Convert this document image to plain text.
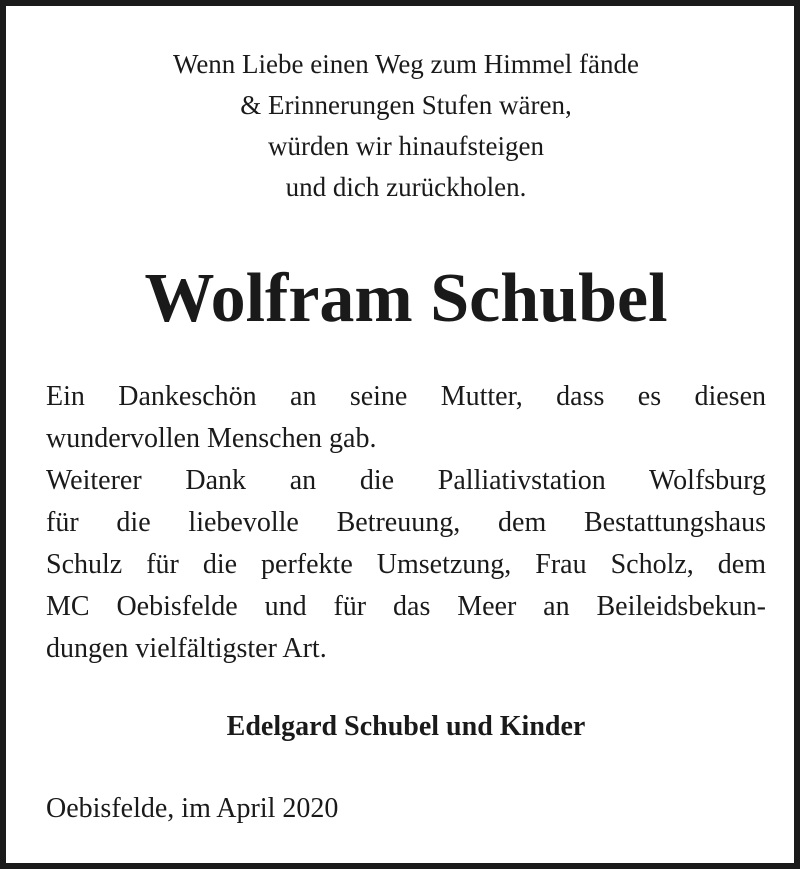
Wenn Liebe einen Weg zum Himmel fände
& Erinnerungen Stufen wären,
würden wir hinaufsteigen
und dich zurückholen.
Wolfram Schubel
Ein Dankeschön an seine Mutter, dass es diesen
wundervollen Menschen gab.
Weiterer Dank an die Palliativstation Wolfsburg
für die liebevolle Betreuung, dem Bestattungshaus
Schulz für die perfekte Umsetzung, Frau Scholz, dem
MC Oebisfelde und für das Meer an Beileidsbekun-
dungen vielfältigster Art.
Edelgard Schubel und Kinder
Oebisfelde, im April 2020
